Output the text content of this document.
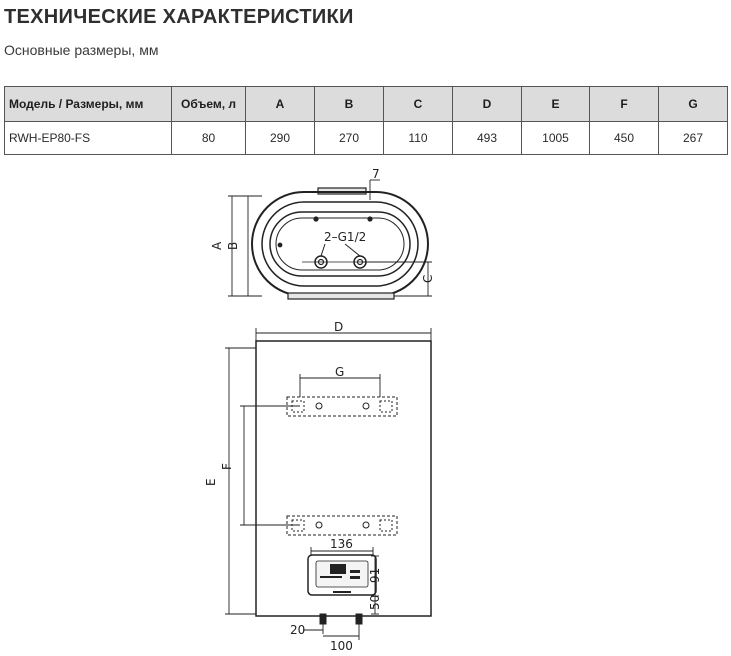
ТЕХНИЧЕСКИЕ ХАРАКТЕРИСТИКИ
Основные размеры, мм
Модель / Размеры, мм	Объем, л	A	B	C	D	E	F	G
RWH-EP80-FS	80	290	270	110	493	1005	450	267
2–G1/2
A B
C
7
D
G
F
E
136
91
50
20
100
